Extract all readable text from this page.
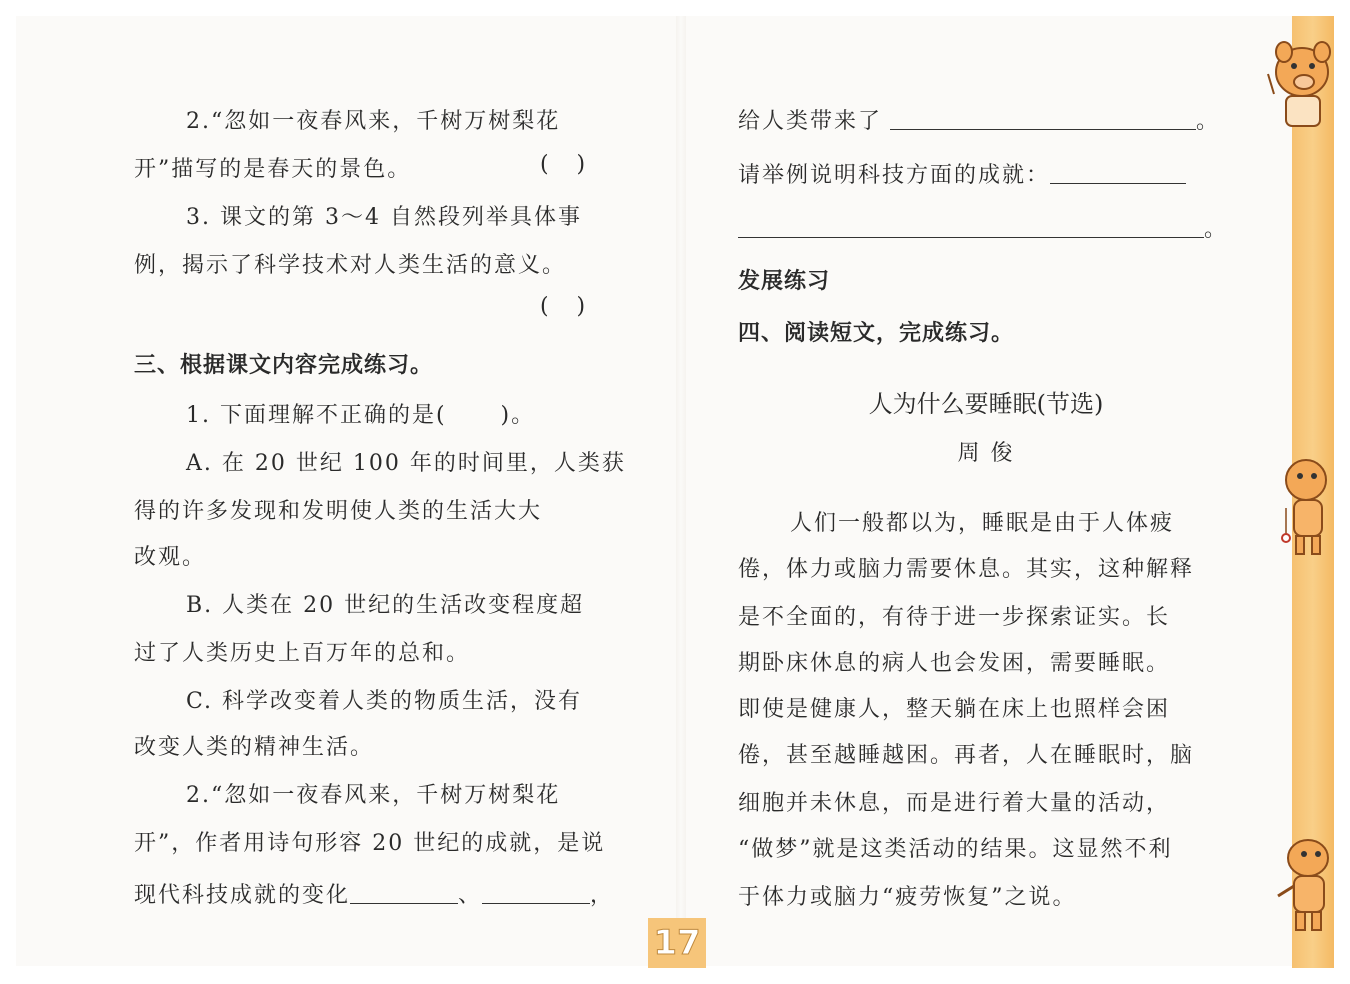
2.“忽如一夜春风来，千树万树梨花
开”描写的是春天的景色。	(    )
3. 课文的第 3～4 自然段列举具体事
例，揭示了科学技术对人类生活的意义。
(    )
三、根据课文内容完成练习。
1. 下面理解不正确的是(      )。
A. 在 20 世纪 100 年的时间里，人类获
得的许多发现和发明使人类的生活大大
改观。
B. 人类在 20 世纪的生活改变程度超
过了人类历史上百万年的总和。
C. 科学改变着人类的物质生活，没有
改变人类的精神生活。
2.“忽如一夜春风来，千树万树梨花
开”，作者用诗句形容 20 世纪的成就，是说
现代科技成就的变化	、	，
给人类带来了	。
请举例说明科技方面的成就：
。
发展练习
四、阅读短文，完成练习。
人为什么要睡眠(节选)
周 俊
人们一般都以为，睡眠是由于人体疲
倦，体力或脑力需要休息。其实，这种解释
是不全面的，有待于进一步探索证实。长
期卧床休息的病人也会发困，需要睡眠。
即使是健康人，整天躺在床上也照样会困
倦，甚至越睡越困。再者，人在睡眠时，脑
细胞并未休息，而是进行着大量的活动，
“做梦”就是这类活动的结果。这显然不利
于体力或脑力“疲劳恢复”之说。
17
